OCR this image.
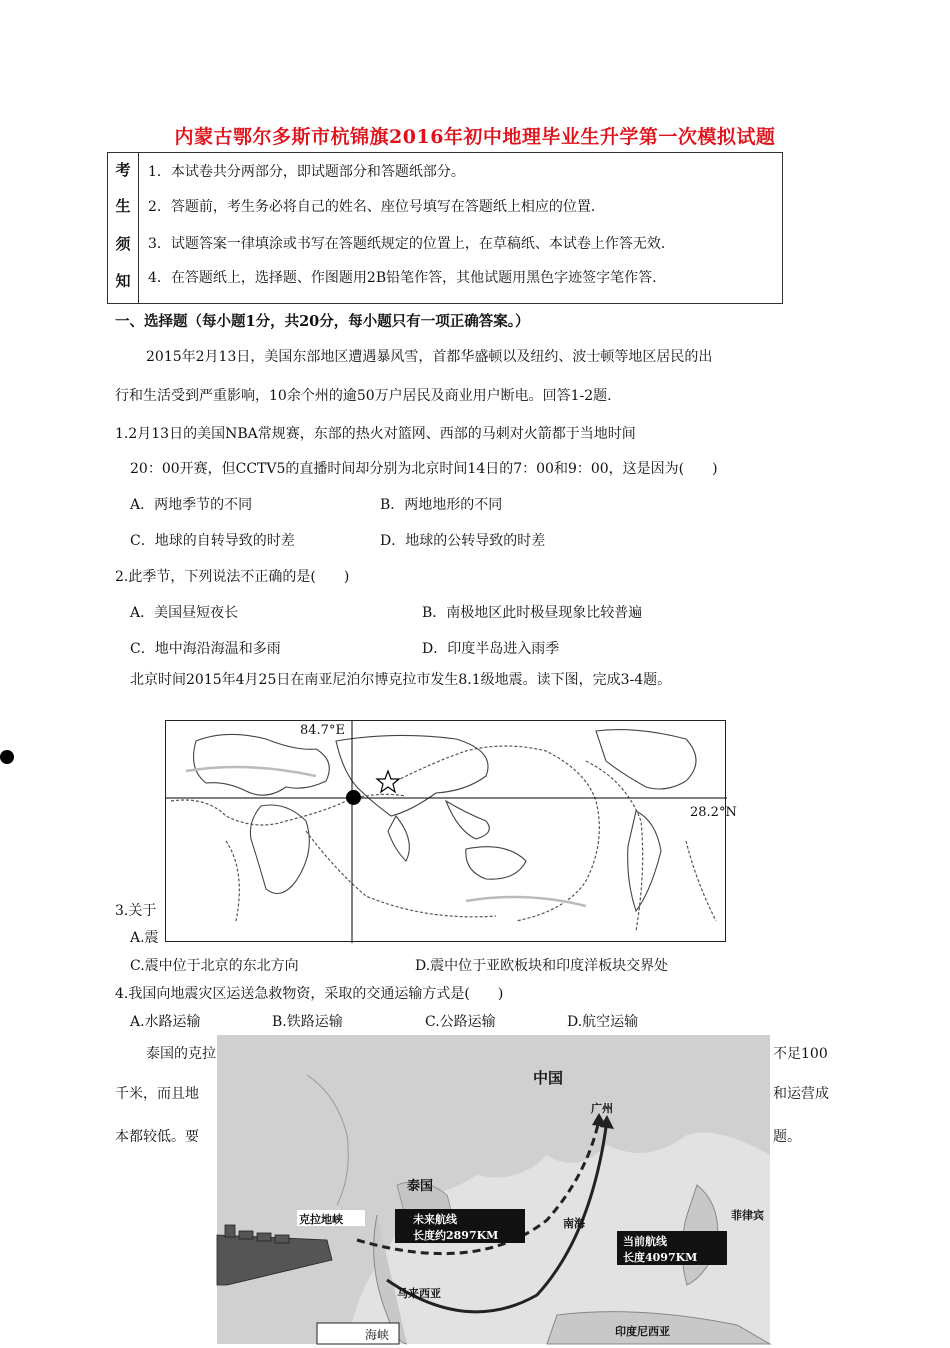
内蒙古鄂尔多斯市杭锦旗2016年初中地理毕业生升学第一次模拟试题
考
生
须
知
1．本试卷共分两部分，即试题部分和答题纸部分。
2．答题前，考生务必将自己的姓名、座位号填写在答题纸上相应的位置.
3．试题答案一律填涂或书写在答题纸规定的位置上，在草稿纸、本试卷上作答无效.
4．在答题纸上，选择题、作图题用2B铅笔作答，其他试题用黑色字迹签字笔作答.
一、选择题（每小题1分，共20分，每小题只有一项正确答案。）
2015年2月13日，美国东部地区遭遇暴风雪，首都华盛顿以及纽约、波士顿等地区居民的出
行和生活受到严重影响，10余个州的逾50万户居民及商业用户断电。回答1-2题.
1.2月13日的美国NBA常规赛，东部的热火对篮网、西部的马刺对火箭都于当地时间
20：00开赛，但CCTV5的直播时间却分别为北京时间14日的7：00和9：00，这是因为(　　)
A．两地季节的不同	B．两地地形的不同
C．地球的自转导致的时差	D．地球的公转导致的时差
2.此季节，下列说法不正确的是(　　)
A．美国昼短夜长	B．南极地区此时极昼现象比较普遍
C．地中海沿海温和多雨	D．印度半岛进入雨季
北京时间2015年4月25日在南亚尼泊尔博克拉市发生8.1级地震。读下图，完成3-4题。
84.7°E
28.2°N
3.关于
A.震
C.震中位于北京的东北方向	D.震中位于亚欧板块和印度洋板块交界处
4.我国向地震灾区运送急救物资，采取的交通运输方式是(　　)
A.水路运输	B.铁路运输	C.公路运输	D.航空运输
泰国的克拉	不足100
千米，而且地	和运营成
本都较低。要	题。
中国
广州
泰国
克拉地峡	未来航线
长度约2897KM
南海
菲律宾
当前航线
长度4097KM
马来西亚
海峡	印度尼西亚
